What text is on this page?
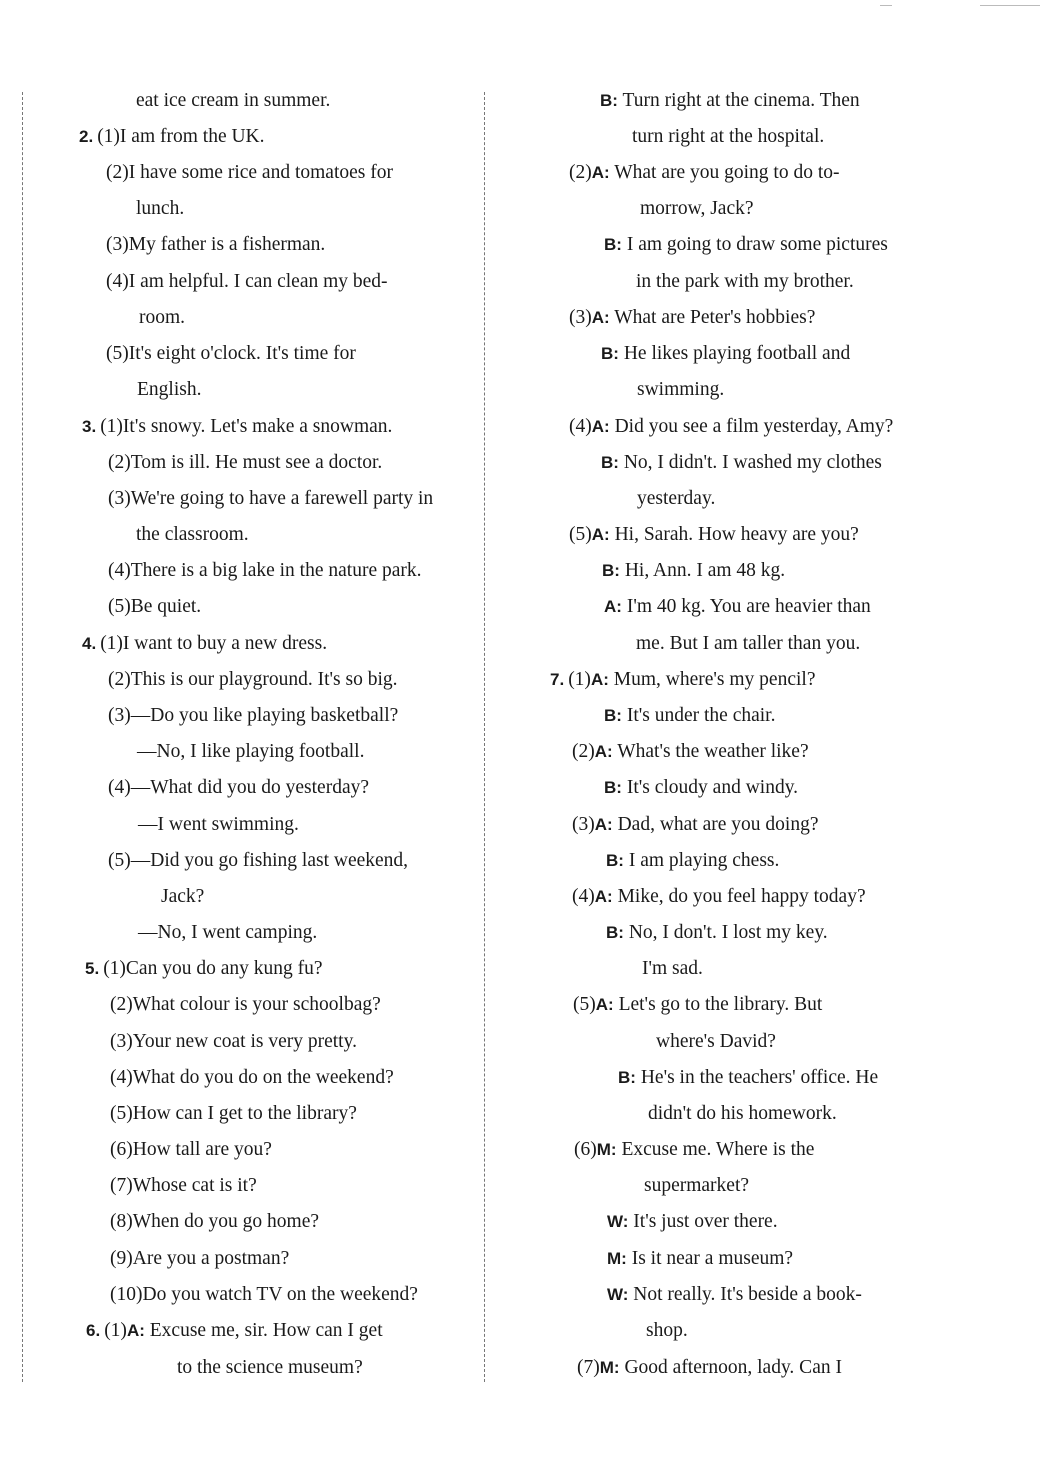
eat ice cream in summer.
2. (1)I am from the UK.
(2)I have some rice and tomatoes for
lunch.
(3)My father is a fisherman.
(4)I am helpful. I can clean my bed-
room.
(5)It's eight o'clock. It's time for
English.
3. (1)It's snowy. Let's make a snowman.
(2)Tom is ill. He must see a doctor.
(3)We're going to have a farewell party in
the classroom.
(4)There is a big lake in the nature park.
(5)Be quiet.
4. (1)I want to buy a new dress.
(2)This is our playground. It's so big.
(3)—Do you like playing basketball?
—No, I like playing football.
(4)—What did you do yesterday?
—I went swimming.
(5)—Did you go fishing last weekend,
Jack?
—No, I went camping.
5. (1)Can you do any kung fu?
(2)What colour is your schoolbag?
(3)Your new coat is very pretty.
(4)What do you do on the weekend?
(5)How can I get to the library?
(6)How tall are you?
(7)Whose cat is it?
(8)When do you go home?
(9)Are you a postman?
(10)Do you watch TV on the weekend?
6. (1)A: Excuse me, sir. How can I get
to the science museum?
B: Turn right at the cinema. Then
turn right at the hospital.
(2)A: What are you going to do to-
morrow, Jack?
B: I am going to draw some pictures
in the park with my brother.
(3)A: What are Peter's hobbies?
B: He likes playing football and
swimming.
(4)A: Did you see a film yesterday, Amy?
B: No, I didn't. I washed my clothes
yesterday.
(5)A: Hi, Sarah. How heavy are you?
B: Hi, Ann. I am 48 kg.
A: I'm 40 kg. You are heavier than
me. But I am taller than you.
7. (1)A: Mum, where's my pencil?
B: It's under the chair.
(2)A: What's the weather like?
B: It's cloudy and windy.
(3)A: Dad, what are you doing?
B: I am playing chess.
(4)A: Mike, do you feel happy today?
B: No, I don't. I lost my key.
I'm sad.
(5)A: Let's go to the library. But
where's David?
B: He's in the teachers' office. He
didn't do his homework.
(6)M: Excuse me. Where is the
supermarket?
W: It's just over there.
M: Is it near a museum?
W: Not really. It's beside a book-
shop.
(7)M: Good afternoon, lady. Can I
